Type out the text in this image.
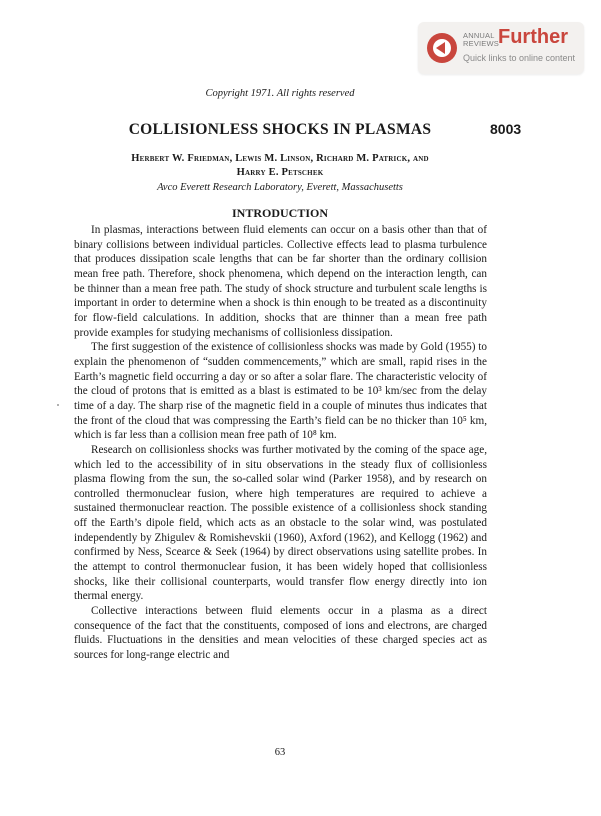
ANNUAL
REVIEWS Further
Quick links to online content
Copyright 1971. All rights reserved
COLLISIONLESS SHOCKS IN PLASMAS	8003
Herbert W. Friedman, Lewis M. Linson, Richard M. Patrick, and
Harry E. Petschek
Avco Everett Research Laboratory, Everett, Massachusetts
INTRODUCTION

In plasmas, interactions between fluid elements can occur on a basis other than that of binary collisions between individual particles. Collective effects lead to plasma turbulence that produces dissipation scale lengths that can be far shorter than the ordinary collision mean free path. Therefore, shock phenomena, which depend on the interaction length, can be thinner than a mean free path. The study of shock structure and turbulent scale lengths is important in order to determine when a shock is thin enough to be treated as a discontinuity for flow-field calculations. In addition, shocks that are thinner than a mean free path provide examples for studying mechanisms of collisionless dissipation.

The first suggestion of the existence of collisionless shocks was made by Gold (1955) to explain the phenomenon of “sudden commencements,” which are small, rapid rises in the Earth’s magnetic field occurring a day or so after a solar flare. The characteristic velocity of the cloud of protons that is emitted as a blast is estimated to be 10³ km/sec from the delay time of a day. The sharp rise of the magnetic field in a couple of minutes thus indicates that the front of the cloud that was compressing the Earth’s field can be no thicker than 10⁵ km, which is far less than a collision mean free path of 10⁸ km.

Research on collisionless shocks was further motivated by the coming of the space age, which led to the accessibility of in situ observations in the steady flux of collisionless plasma flowing from the sun, the so-called solar wind (Parker 1958), and by research on controlled thermonuclear fusion, where high temperatures are required to achieve a sustained thermonuclear reaction. The possible existence of a collisionless shock standing off the Earth’s dipole field, which acts as an obstacle to the solar wind, was postulated independently by Zhigulev & Romishevskii (1960), Axford (1962), and Kellogg (1962) and confirmed by Ness, Scearce & Seek (1964) by direct observations using satellite probes. In the attempt to control thermonuclear fusion, it has been widely hoped that collisionless shocks, like their collisional counterparts, would transfer flow energy directly into ion thermal energy.

Collective interactions between fluid elements occur in a plasma as a direct consequence of the fact that the constituents, composed of ions and electrons, are charged fluids. Fluctuations in the densities and mean velocities of these charged species act as sources for long-range electric and

63
